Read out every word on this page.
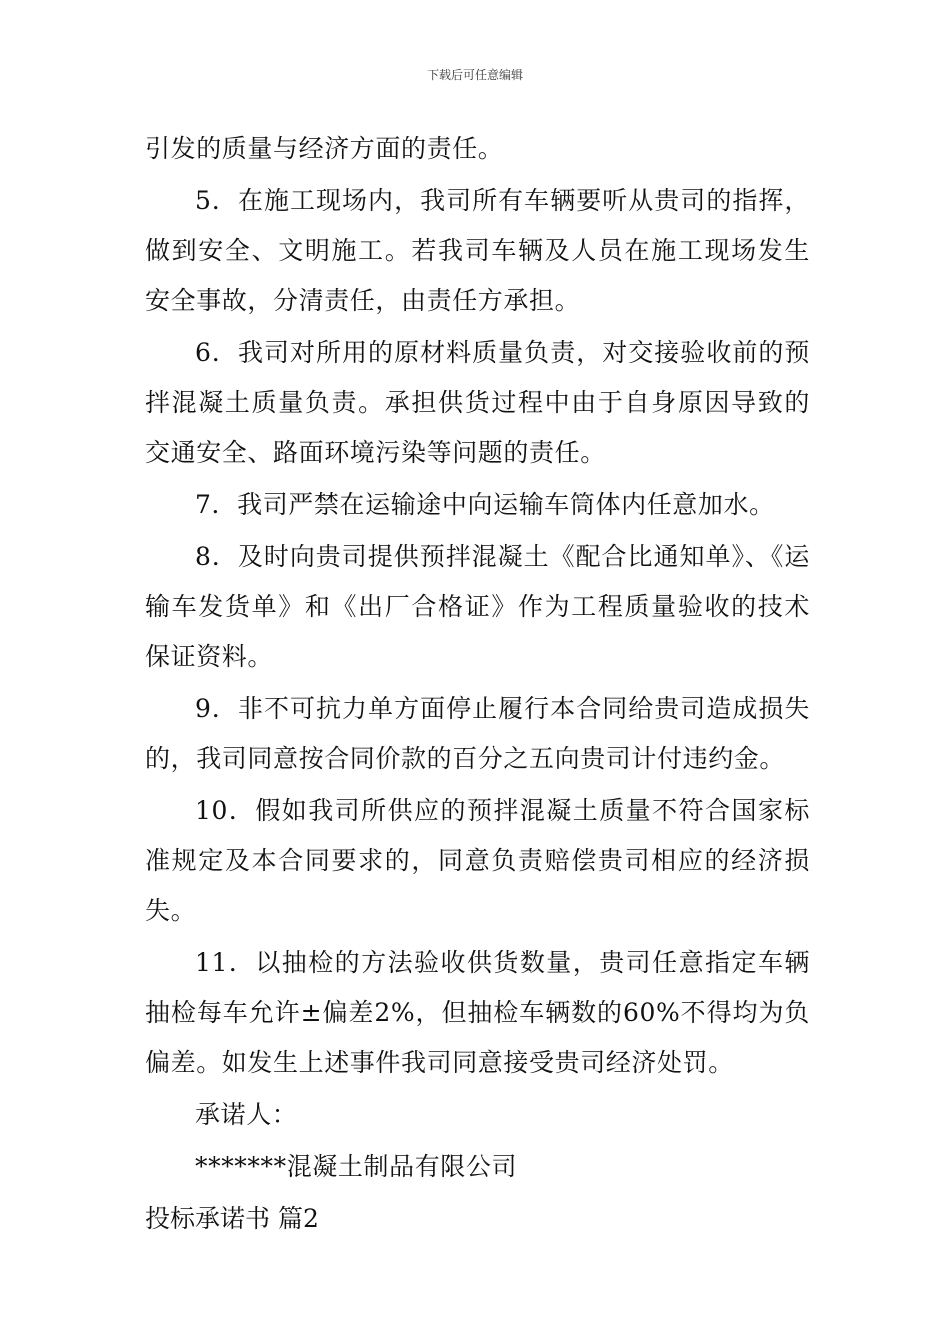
下载后可任意编辑

引发的质量与经济方面的责任。

5．在施工现场内，我司所有车辆要听从贵司的指挥，做到安全、文明施工。若我司车辆及人员在施工现场发生安全事故，分清责任，由责任方承担。

6．我司对所用的原材料质量负责，对交接验收前的预拌混凝土质量负责。承担供货过程中由于自身原因导致的交通安全、路面环境污染等问题的责任。

7．我司严禁在运输途中向运输车筒体内任意加水。

8．及时向贵司提供预拌混凝土《配合比通知单》、《运输车发货单》和《出厂合格证》作为工程质量验收的技术保证资料。

9．非不可抗力单方面停止履行本合同给贵司造成损失的，我司同意按合同价款的百分之五向贵司计付违约金。

10．假如我司所供应的预拌混凝土质量不符合国家标准规定及本合同要求的，同意负责赔偿贵司相应的经济损失。

11．以抽检的方法验收供货数量，贵司任意指定车辆抽检每车允许±偏差2%，但抽检车辆数的60%不得均为负偏差。如发生上述事件我司同意接受贵司经济处罚。

承诺人：

*******混凝土制品有限公司

投标承诺书 篇2
